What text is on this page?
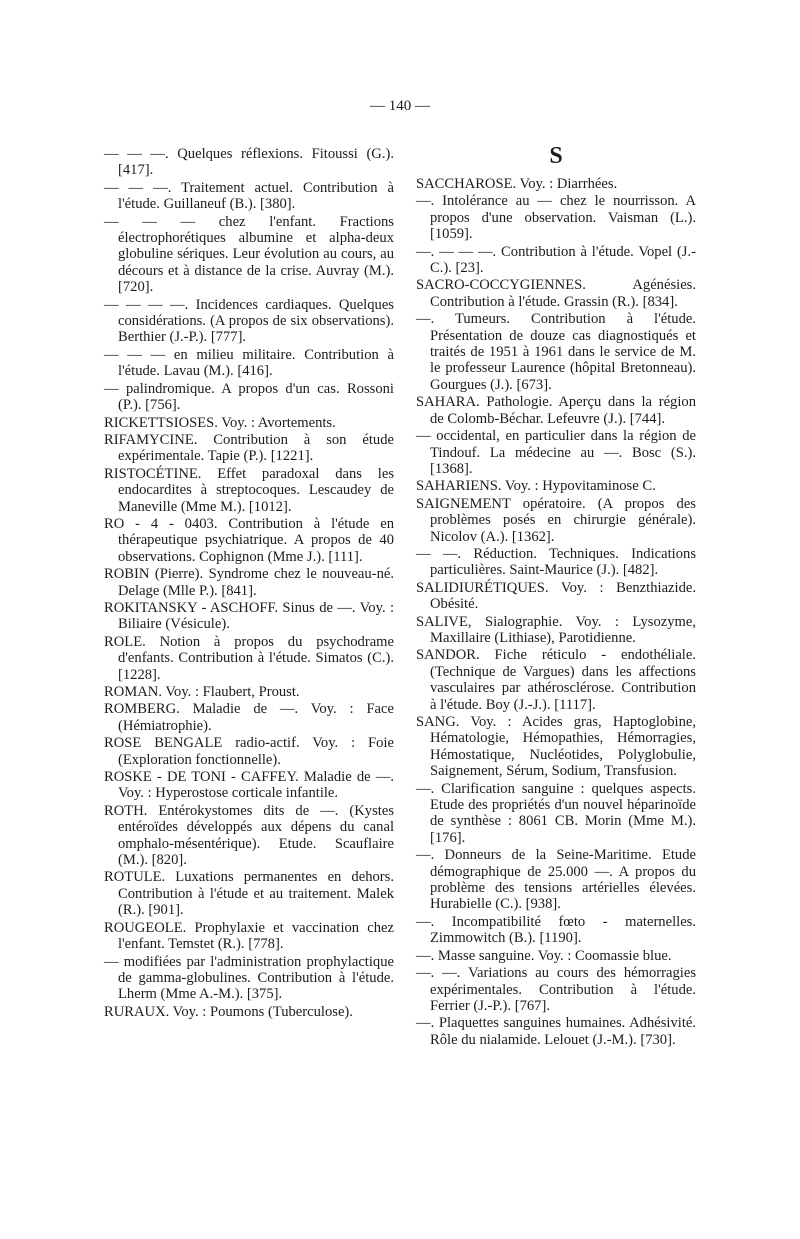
— 140 —

— — —. Quelques réflexions. Fitoussi (G.). [417].

— — —. Traitement actuel. Contribution à l'étude. Guillaneuf (B.). [380].

— — — chez l'enfant. Fractions électrophorétiques albumine et alpha-deux globuline sériques. Leur évolution au cours, au décours et à distance de la crise. Auvray (M.). [720].

— — — —. Incidences cardiaques. Quelques considérations. (A propos de six observations). Berthier (J.-P.). [777].

— — — en milieu militaire. Contribution à l'étude. Lavau (M.). [416].

— palindromique. A propos d'un cas. Rossoni (P.). [756].

RICKETTSIOSES. Voy. : Avortements.

RIFAMYCINE. Contribution à son étude expérimentale. Tapie (P.). [1221].

RISTOCÉTINE. Effet paradoxal dans les endocardites à streptocoques. Lescaudey de Maneville (Mme M.). [1012].

RO - 4 - 0403. Contribution à l'étude en thérapeutique psychiatrique. A propos de 40 observations. Cophignon (Mme J.). [111].

ROBIN (Pierre). Syndrome chez le nouveau-né. Delage (Mlle P.). [841].

ROKITANSKY - ASCHOFF. Sinus de —. Voy. : Biliaire (Vésicule).

ROLE. Notion à propos du psychodrame d'enfants. Contribution à l'étude. Simatos (C.). [1228].

ROMAN. Voy. : Flaubert, Proust.

ROMBERG. Maladie de —. Voy. : Face (Hémiatrophie).

ROSE BENGALE radio-actif. Voy. : Foie (Exploration fonctionnelle).

ROSKE - DE TONI - CAFFEY. Maladie de —. Voy. : Hyperostose corticale infantile.

ROTH. Entérokystomes dits de —. (Kystes entéroïdes développés aux dépens du canal omphalo-mésentérique). Etude. Scauflaire (M.). [820].

ROTULE. Luxations permanentes en dehors. Contribution à l'étude et au traitement. Malek (R.). [901].

ROUGEOLE. Prophylaxie et vaccination chez l'enfant. Temstet (R.). [778].

— modifiées par l'administration prophylactique de gamma-globulines. Contribution à l'étude. Lherm (Mme A.-M.). [375].

RURAUX. Voy. : Poumons (Tuberculose).

S

SACCHAROSE. Voy. : Diarrhées.

—. Intolérance au — chez le nourrisson. A propos d'une observation. Vaisman (L.). [1059].

—. — — —. Contribution à l'étude. Vopel (J.-C.). [23].

SACRO-COCCYGIENNES. Agénésies. Contribution à l'étude. Grassin (R.). [834].

—. Tumeurs. Contribution à l'étude. Présentation de douze cas diagnostiqués et traités de 1951 à 1961 dans le service de M. le professeur Laurence (hôpital Bretonneau). Gourgues (J.). [673].

SAHARA. Pathologie. Aperçu dans la région de Colomb-Béchar. Lefeuvre (J.). [744].

— occidental, en particulier dans la région de Tindouf. La médecine au —. Bosc (S.). [1368].

SAHARIENS. Voy. : Hypovitaminose C.

SAIGNEMENT opératoire. (A propos des problèmes posés en chirurgie générale). Nicolov (A.). [1362].

— —. Réduction. Techniques. Indications particulières. Saint-Maurice (J.). [482].

SALIDIURÉTIQUES. Voy. : Benzthiazide. Obésité.

SALIVE, Sialographie. Voy. : Lysozyme, Maxillaire (Lithiase), Parotidienne.

SANDOR. Fiche réticulo - endothéliale. (Technique de Vargues) dans les affections vasculaires par athérosclérose. Contribution à l'étude. Boy (J.-J.). [1117].

SANG. Voy. : Acides gras, Haptoglobine, Hématologie, Hémopathies, Hémorragies, Hémostatique, Nucléotides, Polyglobulie, Saignement, Sérum, Sodium, Transfusion.

—. Clarification sanguine : quelques aspects. Etude des propriétés d'un nouvel héparinoïde de synthèse : 8061 CB. Morin (Mme M.). [176].

—. Donneurs de la Seine-Maritime. Etude démographique de 25.000 —. A propos du problème des tensions artérielles élevées. Hurabielle (C.). [938].

—. Incompatibilité fœto - maternelles. Zimmowitch (B.). [1190].

—. Masse sanguine. Voy. : Coomassie blue.

—. —. Variations au cours des hémorragies expérimentales. Contribution à l'étude. Ferrier (J.-P.). [767].

—. Plaquettes sanguines humaines. Adhésivité. Rôle du nialamide. Lelouet (J.-M.). [730].
